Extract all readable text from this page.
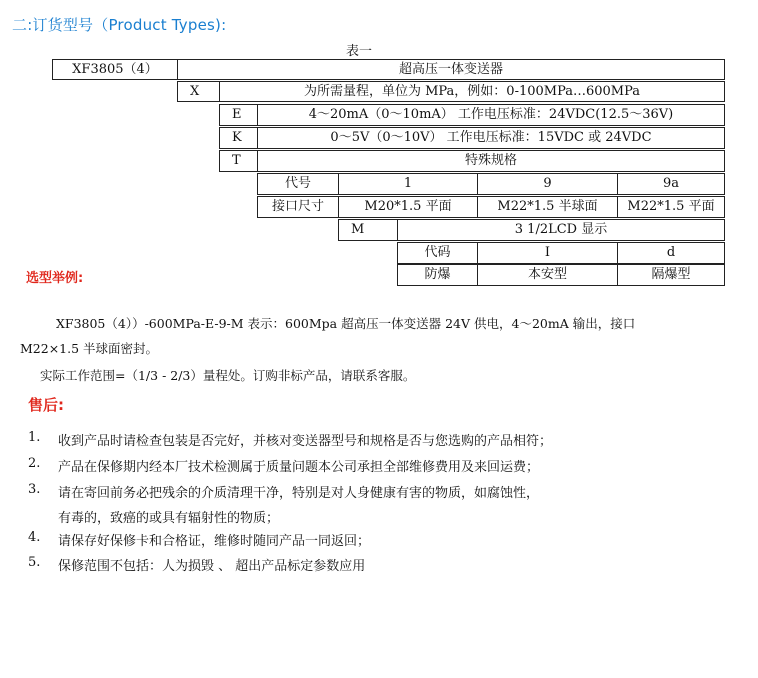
二:订货型号（Product Types):
表一
XF3805（4）	超高压一体变送器
X	为所需量程，单位为 MPa，例如：0-100MPa…600MPa
E	4～20mA（0～10mA） 工作电压标准：24VDC(12.5～36V)
K	0～5V（0～10V） 工作电压标准：15VDC 或 24VDC
T	特殊规格
代号	1	9	9a
接口尺寸	M20*1.5 平面	M22*1.5 半球面	M22*1.5 平面
M	3 1/2LCD 显示
代码	I	d
防爆	本安型	隔爆型
选型举例:
XF3805（4））-600MPa-E-9-M 表示：600Mpa 超高压一体变送器 24V 供电，4～20mA 输出，接口
M22×1.5 半球面密封。
实际工作范围=（1/3 - 2/3）量程处。订购非标产品，请联系客服。
售后:
1. 收到产品时请检查包装是否完好，并核对变送器型号和规格是否与您选购的产品相符；
2. 产品在保修期内经本厂技术检测属于质量问题本公司承担全部维修费用及来回运费；
3. 请在寄回前务必把残余的介质清理干净，特别是对人身健康有害的物质，如腐蚀性，
有毒的，致癌的或具有辐射性的物质；
4. 请保存好保修卡和合格证，维修时随同产品一同返回；
5. 保修范围不包括：人为损毁 、 超出产品标定参数应用
